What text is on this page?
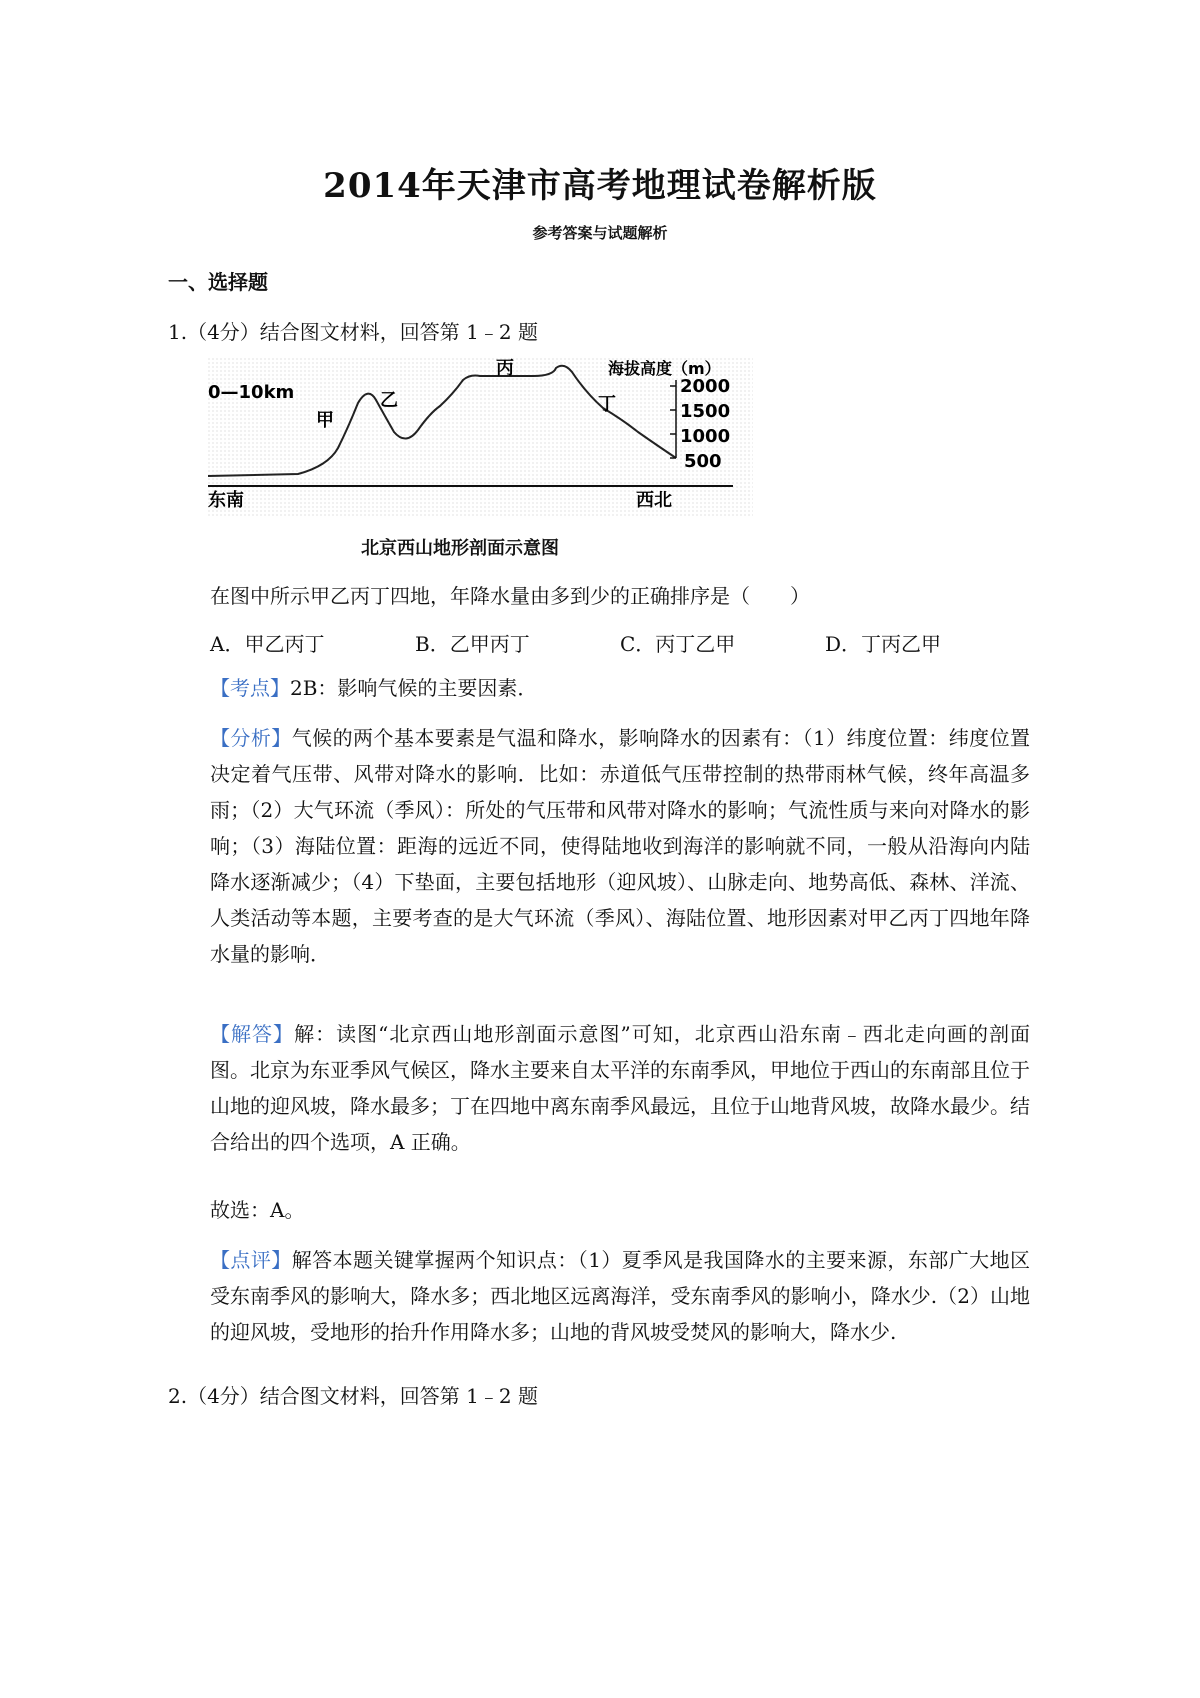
2014年天津市高考地理试卷解析版
参考答案与试题解析
一、选择题
1.（4分）结合图文材料，回答第 1﹣2 题
0—10km
海拔高度（m）
2000
1500
1000
500
甲
乙
丙
丁
东南	西北
北京西山地形剖面示意图
在图中所示甲乙丙丁四地，年降水量由多到少的正确排序是（　　）
A．甲乙丙丁	B．乙甲丙丁	C．丙丁乙甲	D．丁丙乙甲
【考点】2B：影响气候的主要因素．
【分析】气候的两个基本要素是气温和降水，影响降水的因素有：（1）纬度位置：纬度位置决定着气压带、风带对降水的影响．比如：赤道低气压带控制的热带雨林气候，终年高温多雨；（2）大气环流（季风）：所处的气压带和风带对降水的影响；气流性质与来向对降水的影响；（3）海陆位置：距海的远近不同，使得陆地收到海洋的影响就不同，一般从沿海向内陆降水逐渐减少；（4）下垫面，主要包括地形（迎风坡）、山脉走向、地势高低、森林、洋流、人类活动等本题，主要考查的是大气环流（季风）、海陆位置、地形因素对甲乙丙丁四地年降水量的影响．
【解答】解：读图“北京西山地形剖面示意图”可知，北京西山沿东南﹣西北走向画的剖面图。北京为东亚季风气候区，降水主要来自太平洋的东南季风，甲地位于西山的东南部且位于山地的迎风坡，降水最多；丁在四地中离东南季风最远，且位于山地背风坡，故降水最少。结合给出的四个选项，A 正确。
故选：A。
【点评】解答本题关键掌握两个知识点：（1）夏季风是我国降水的主要来源，东部广大地区受东南季风的影响大，降水多；西北地区远离海洋，受东南季风的影响小，降水少.（2）山地的迎风坡，受地形的抬升作用降水多；山地的背风坡受焚风的影响大，降水少.
2.（4分）结合图文材料，回答第 1﹣2 题
